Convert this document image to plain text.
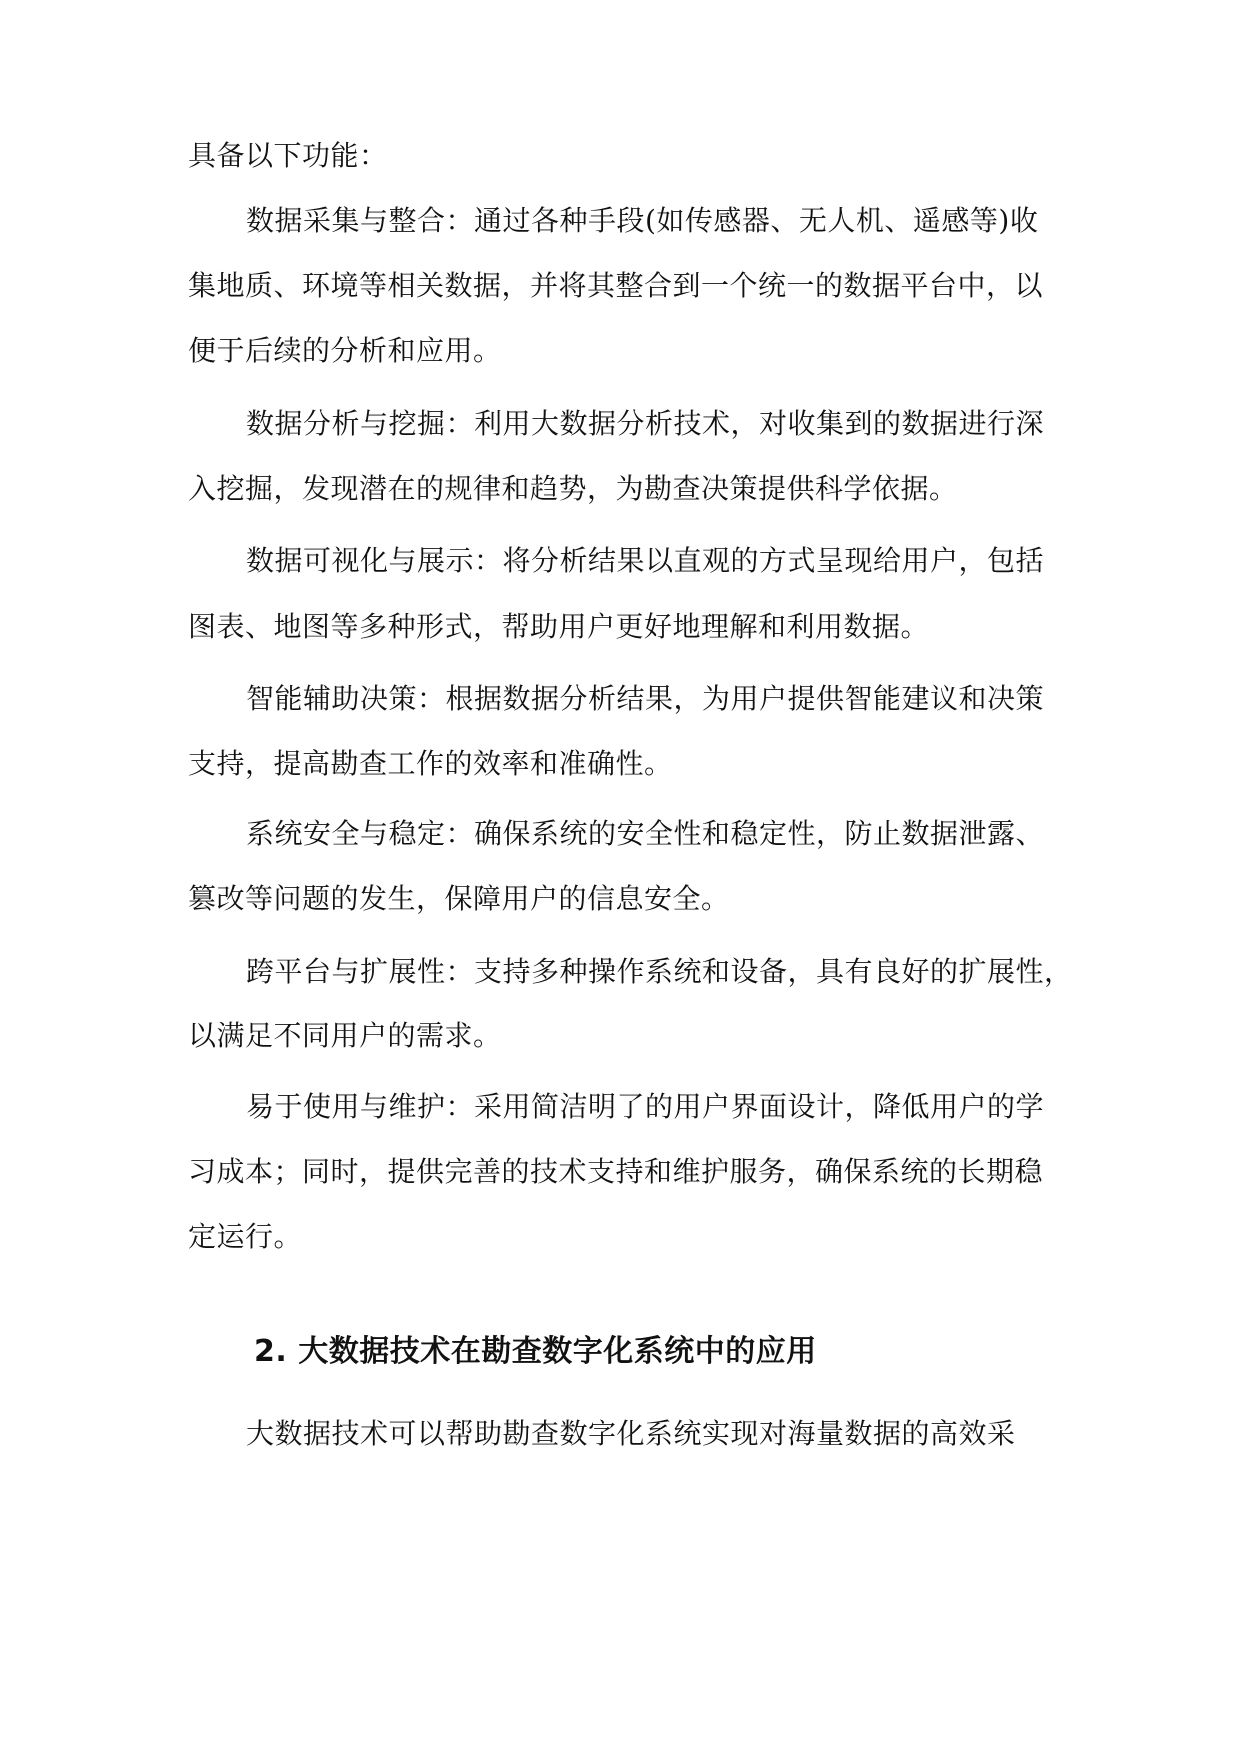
具备以下功能：
数据采集与整合：通过各种手段(如传感器、无人机、遥感等)收
集地质、环境等相关数据，并将其整合到一个统一的数据平台中，以
便于后续的分析和应用。
数据分析与挖掘：利用大数据分析技术，对收集到的数据进行深
入挖掘，发现潜在的规律和趋势，为勘查决策提供科学依据。
数据可视化与展示：将分析结果以直观的方式呈现给用户，包括
图表、地图等多种形式，帮助用户更好地理解和利用数据。
智能辅助决策：根据数据分析结果，为用户提供智能建议和决策
支持，提高勘查工作的效率和准确性。
系统安全与稳定：确保系统的安全性和稳定性，防止数据泄露、
篡改等问题的发生，保障用户的信息安全。
跨平台与扩展性：支持多种操作系统和设备，具有良好的扩展性，
以满足不同用户的需求。
易于使用与维护：采用简洁明了的用户界面设计，降低用户的学
习成本；同时，提供完善的技术支持和维护服务，确保系统的长期稳
定运行。
2. 大数据技术在勘查数字化系统中的应用
大数据技术可以帮助勘查数字化系统实现对海量数据的高效采
